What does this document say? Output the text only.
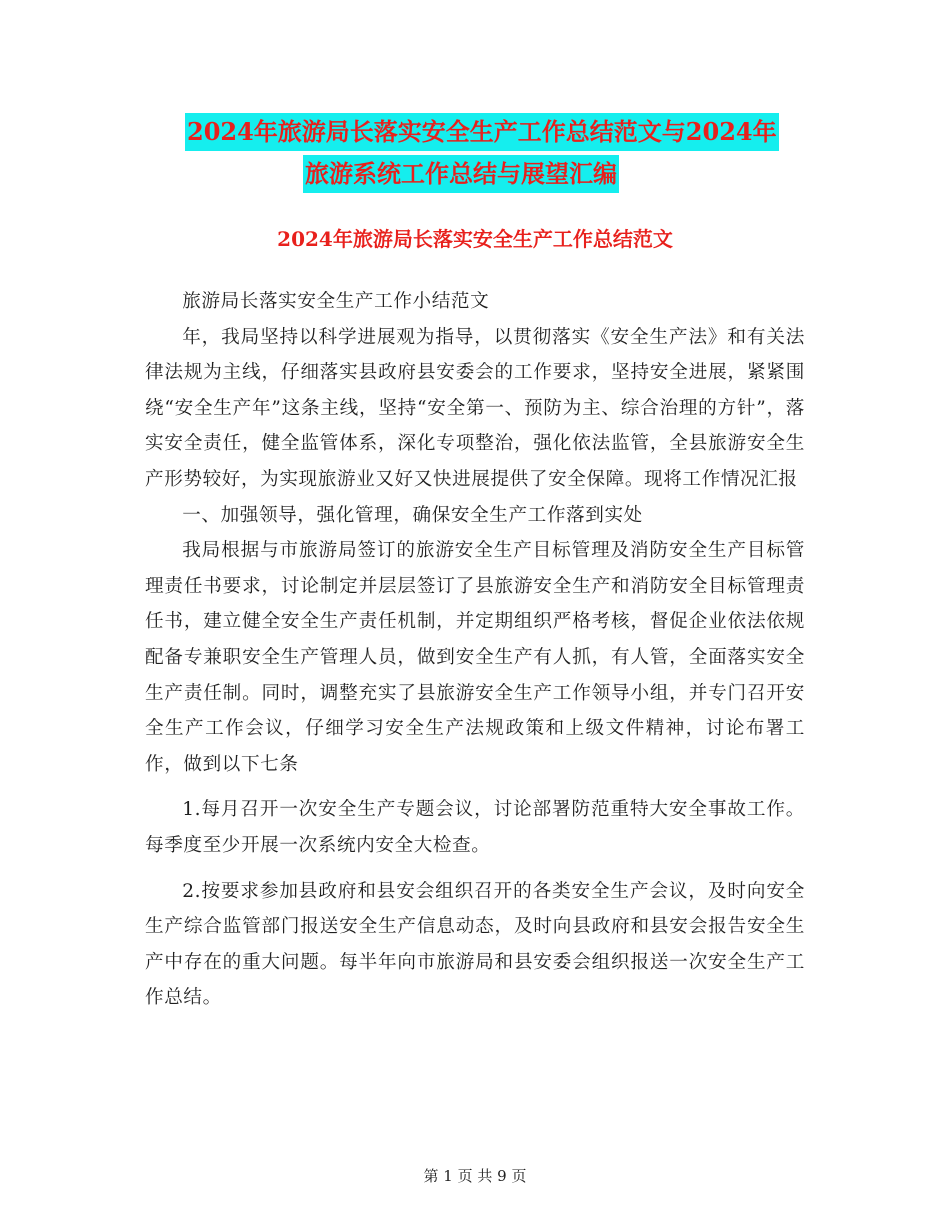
2024年旅游局长落实安全生产工作总结范文与2024年
旅游系统工作总结与展望汇编
2024年旅游局长落实安全生产工作总结范文

旅游局长落实安全生产工作小结范文

年，我局坚持以科学进展观为指导，以贯彻落实《安全生产法》和有关法律法规为主线，仔细落实县政府县安委会的工作要求，坚持安全进展，紧紧围绕“安全生产年”这条主线，坚持“安全第一、预防为主、综合治理的方针”，落实安全责任，健全监管体系，深化专项整治，强化依法监管，全县旅游安全生产形势较好，为实现旅游业又好又快进展提供了安全保障。现将工作情况汇报

一、加强领导，强化管理，确保安全生产工作落到实处

我局根据与市旅游局签订的旅游安全生产目标管理及消防安全生产目标管理责任书要求，讨论制定并层层签订了县旅游安全生产和消防安全目标管理责任书，建立健全安全生产责任机制，并定期组织严格考核，督促企业依法依规配备专兼职安全生产管理人员，做到安全生产有人抓，有人管，全面落实安全生产责任制。同时，调整充实了县旅游安全生产工作领导小组，并专门召开安全生产工作会议，仔细学习安全生产法规政策和上级文件精神，讨论布署工作，做到以下七条

1.每月召开一次安全生产专题会议，讨论部署防范重特大安全事故工作。每季度至少开展一次系统内安全大检查。

2.按要求参加县政府和县安会组织召开的各类安全生产会议，及时向安全生产综合监管部门报送安全生产信息动态，及时向县政府和县安会报告安全生产中存在的重大问题。每半年向市旅游局和县安委会组织报送一次安全生产工作总结。

第 1 页 共 9 页
